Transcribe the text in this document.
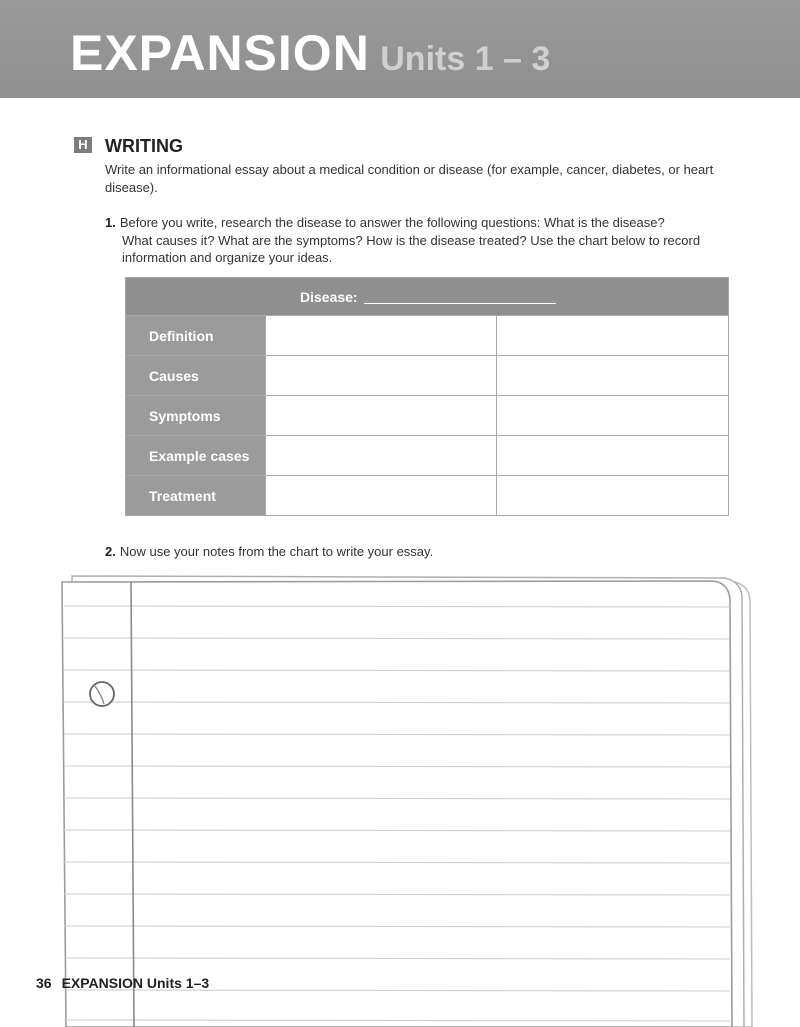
EXPANSION Units 1 – 3
H WRITING
Write an informational essay about a medical condition or disease (for example, cancer, diabetes, or heart disease).
1. Before you write, research the disease to answer the following questions: What is the disease?
What causes it? What are the symptoms? How is the disease treated? Use the chart below to record
information and organize your ideas.
Disease:		

Definition		
Causes		
Symptoms		
Example cases		
Treatment		
2. Now use your notes from the chart to write your essay.
36 EXPANSION Units 1–3
